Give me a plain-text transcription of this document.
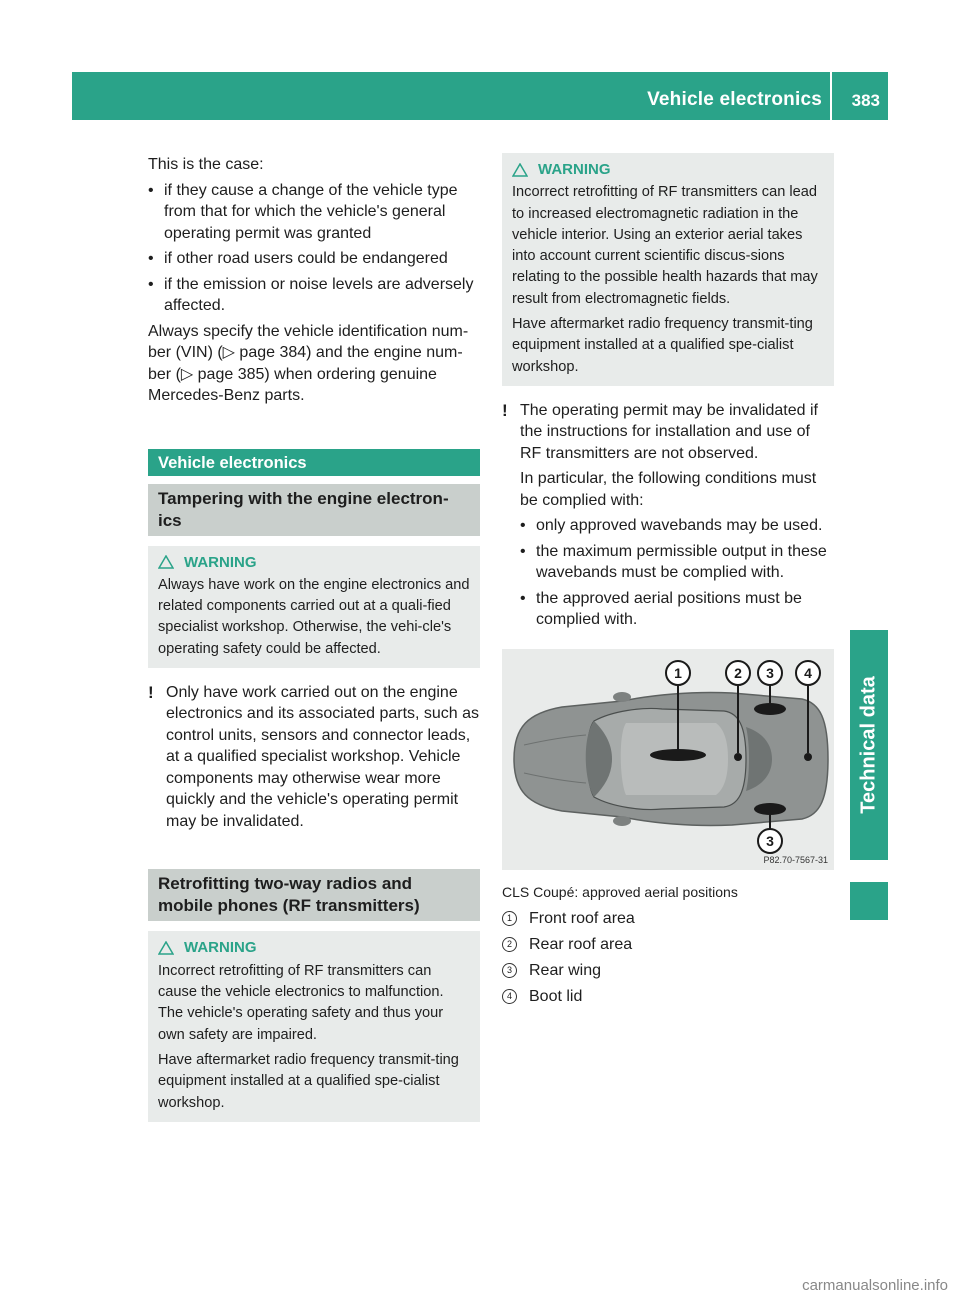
Vehicle electronics 383
Technical data

This is the case:

• if they cause a change of the vehicle type from that for which the vehicle's general operating permit was granted
• if other road users could be endangered
• if the emission or noise levels are adversely affected.

Always specify the vehicle identification num-ber (VIN) (▷ page 384) and the engine num-ber (▷ page 385) when ordering genuine Mercedes-Benz parts.

Vehicle electronics
Tampering with the engine electron-ics
WARNING

Always have work on the engine electronics and related components carried out at a quali-fied specialist workshop. Otherwise, the vehi-cle's operating safety could be affected.

! Only have work carried out on the engine electronics and its associated parts, such as control units, sensors and connector leads, at a qualified specialist workshop. Vehicle components may otherwise wear more quickly and the vehicle's operating permit may be invalidated.

Retrofitting two-way radios and mobile phones (RF transmitters)
WARNING

Incorrect retrofitting of RF transmitters can cause the vehicle electronics to malfunction. The vehicle's operating safety and thus your own safety are impaired.

Have aftermarket radio frequency transmit-ting equipment installed at a qualified spe-cialist workshop.

WARNING

Incorrect retrofitting of RF transmitters can lead to increased electromagnetic radiation in the vehicle interior. Using an exterior aerial takes into account current scientific discus-sions relating to the possible health hazards that may result from electromagnetic fields.

Have aftermarket radio frequency transmit-ting equipment installed at a qualified spe-cialist workshop.

! The operating permit may be invalidated if the instructions for installation and use of RF transmitters are not observed.

In particular, the following conditions must be complied with:

• only approved wavebands may be used.
• the maximum permissible output in these wavebands must be complied with.
• the approved aerial positions must be complied with.
1	2 3 4
3
P82.70-7567-31

CLS Coupé: approved aerial positions

1	Front roof area
2	Rear roof area
3	Rear wing
4	Boot lid
carmanualsonline.info
